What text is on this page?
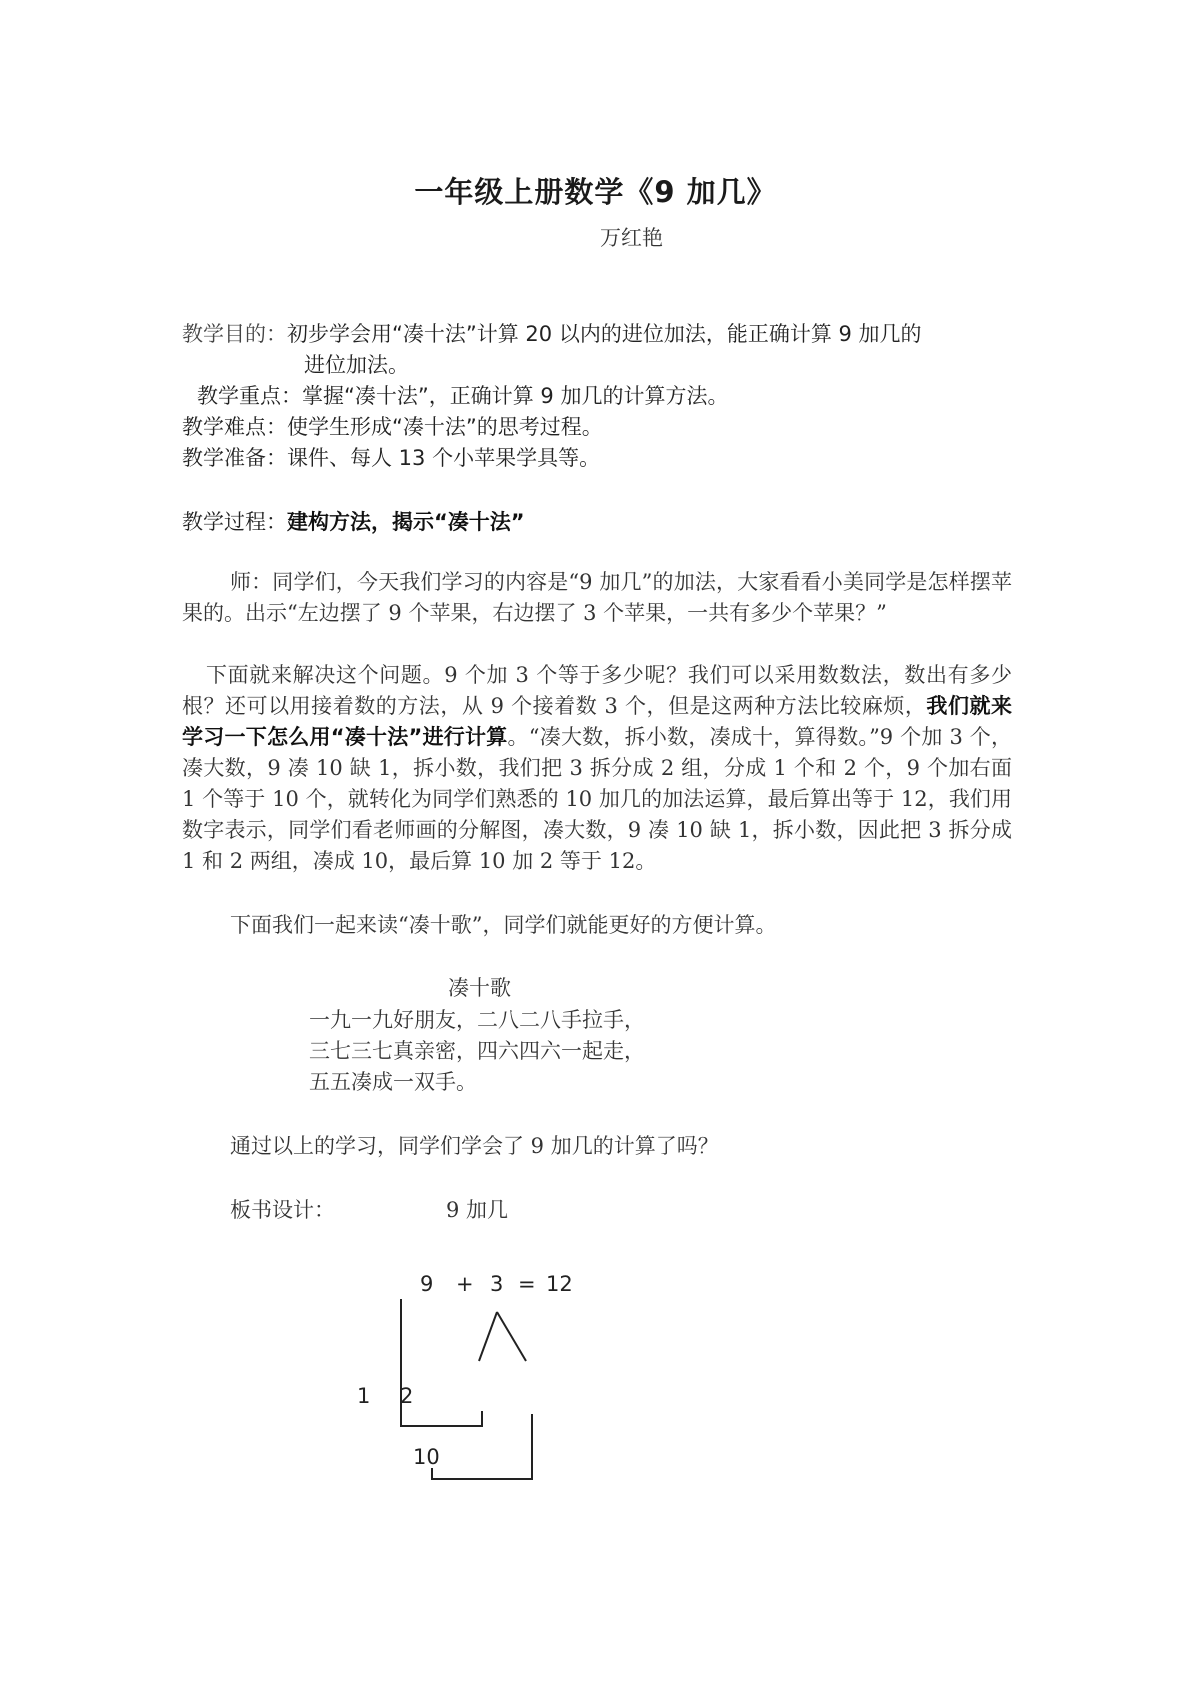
一年级上册数学《9 加几》
万红艳
教学目的：初步学会用“凑十法”计算 20 以内的进位加法，能正确计算 9 加几的
进位加法。
教学重点：掌握“凑十法”，正确计算 9 加几的计算方法。
教学难点：使学生形成“凑十法”的思考过程。
教学准备：课件、每人 13 个小苹果学具等。
教学过程：建构方法，揭示“凑十法”
师：同学们，今天我们学习的内容是“9 加几”的加法，大家看看小美同学是怎样摆苹果的。出示“左边摆了 9 个苹果，右边摆了 3 个苹果，一共有多少个苹果？”
下面就来解决这个问题。9 个加 3 个等于多少呢？我们可以采用数数法，数出有多少根？还可以用接着数的方法，从 9 个接着数 3 个，但是这两种方法比较麻烦，我们就来学习一下怎么用“凑十法”进行计算。“凑大数，拆小数，凑成十，算得数。”9 个加 3 个，凑大数，9 凑 10 缺 1，拆小数，我们把 3 拆分成 2 组，分成 1 个和 2 个，9 个加右面 1 个等于 10 个，就转化为同学们熟悉的 10 加几的加法运算，最后算出等于 12，我们用数字表示，同学们看老师画的分解图，凑大数，9 凑 10 缺 1，拆小数，因此把 3 拆分成 1 和 2 两组，凑成 10，最后算 10 加 2 等于 12。
下面我们一起来读“凑十歌”，同学们就能更好的方便计算。
凑十歌
一九一九好朋友，二八二八手拉手，
三七三七真亲密，四六四六一起走，
五五凑成一双手。
通过以上的学习，同学们学会了 9 加几的计算了吗？
板书设计：	9 加几
9 + 3 = 12
1 2
10
